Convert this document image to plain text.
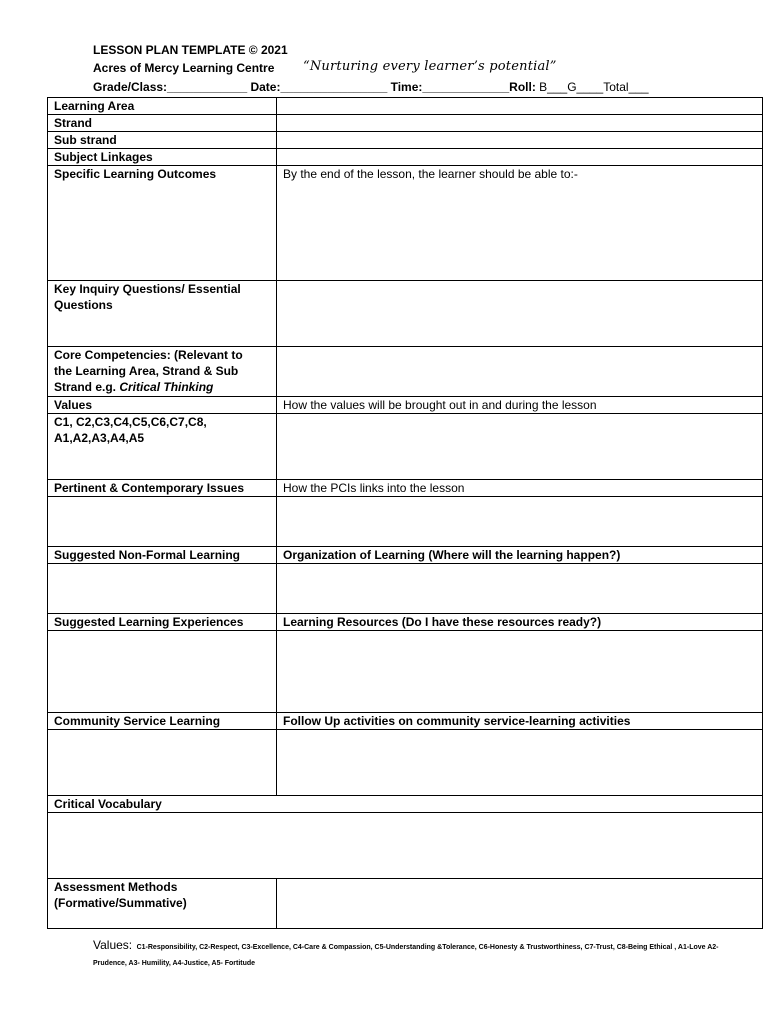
LESSON PLAN TEMPLATE © 2021
Acres of Mercy Learning Centre	“Nurturing every learner’s potential”
Grade/Class:____________ Date:________________ Time:_____________Roll: B___G____Total___
Learning Area	
Strand	
Sub strand	
Subject Linkages	
Specific Learning Outcomes	By the end of the lesson, the learner should be able to:-

Key Inquiry Questions/ Essential
Questions	

Core Competencies: (Relevant to
the Learning Area, Strand & Sub
Strand e.g. Critical Thinking	

Values	How the values will be brought out in and during the lesson

C1, C2,C3,C4,C5,C6,C7,C8,
A1,A2,A3,A4,A5	

Pertinent & Contemporary Issues	How the PCIs links into the lesson

Suggested Non-Formal Learning	Organization of Learning (Where will the learning happen?)

Suggested Learning Experiences	Learning Resources (Do I have these resources ready?)

Community Service Learning	Follow Up activities on community service-learning activities

Critical Vocabulary	

Assessment Methods
(Formative/Summative)	

Values: C1-Responsibility, C2-Respect, C3-Excellence, C4-Care & Compassion, C5-Understanding &Tolerance, C6-Honesty & Trustworthiness, C7-Trust, C8-Being Ethical , A1-Love A2-Prudence, A3- Humility, A4-Justice, A5- Fortitude
